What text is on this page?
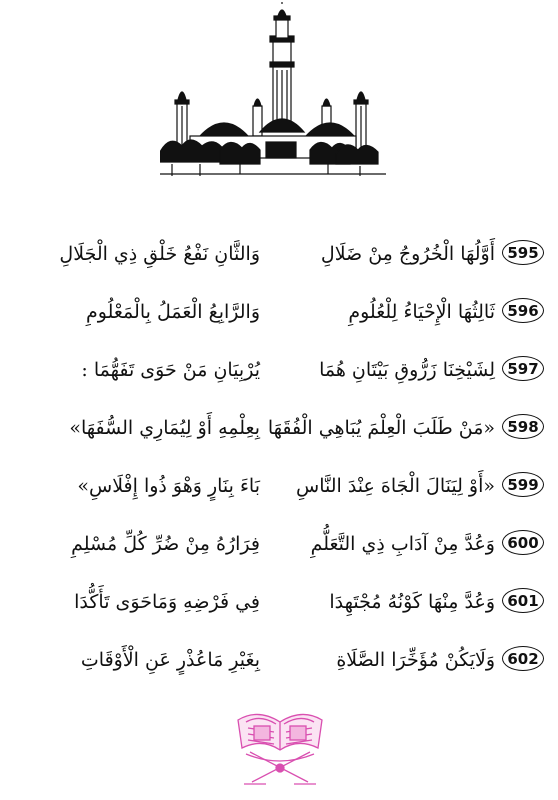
595
أَوَّلُهَا الْخُرُوجُ مِنْ ضَلَالِ
وَالثَّانِ نَفْعُ خَلْقِ ذِي الْجَلَالِ
596
ثَالِثُهَا الْإِحْيَاءُ لِلْعُلُومِ
وَالرَّابِعُ الْعَمَلُ بِالْمَعْلُومِ
597
لِشَيْخِنَا زَرُّوقِ بَيْتَانِ هُمَا
يُرْبِيَانِ مَنْ حَوَى تَفَهُّمَا :
598
«مَنْ طَلَبَ الْعِلْمَ يُبَاهِي الْفُقَهَا
بِعِلْمِهِ أَوْ لِيُمَارِي السُّفَهَا»
599
«أَوْ لِيَنَالَ الْجَاهَ عِنْدَ النَّاسِ
بَاءَ بِنَارٍ وَهْوَ ذُوا إِفْلَاسِ»
600
وَعُدَّ مِنْ آدَابِ ذِي التَّعَلُّمِ
فِرَارُهُ مِنْ ضُرِّ كُلِّ مُسْلِمِ
601
وَعُدَّ مِنْهَا كَوْنُهُ مُجْتَهِدَا
فِي فَرْضِهِ وَمَاحَوَى تَأَكُّدَا
602
وَلَايَكُنْ مُؤَخِّرَا الصَّلَاةِ
بِغَيْرِ مَاعُذْرٍ عَنِ الْأَوْقَاتِ
